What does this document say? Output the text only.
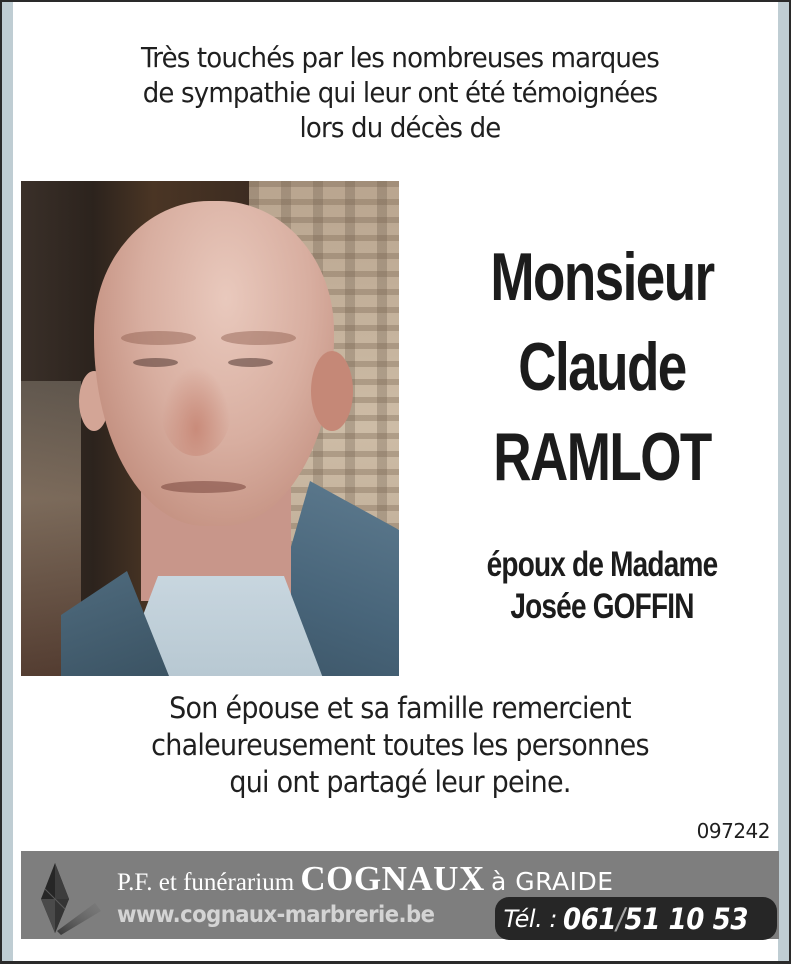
Très touchés par les nombreuses marques
de sympathie qui leur ont été témoignées
lors du décès de
Monsieur
Claude
RAMLOT
époux de Madame
Josée GOFFIN
Son épouse et sa famille remercient
chaleureusement toutes les personnes
qui ont partagé leur peine.
097242
P.F. et funérarium COGNAUX à GRAIDE
www.cognaux-marbrerie.be	Tél. : 061/51 10 53
